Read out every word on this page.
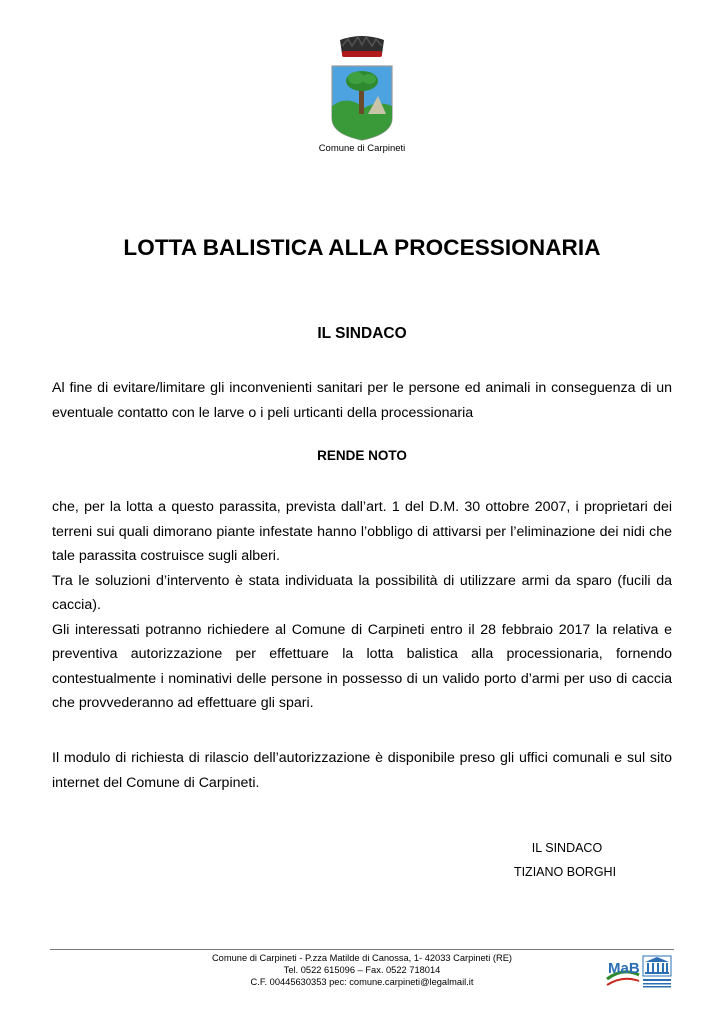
Comune di Carpineti
LOTTA BALISTICA ALLA PROCESSIONARIA
IL SINDACO
Al fine di evitare/limitare gli inconvenienti sanitari per le persone ed animali in conseguenza di un eventuale contatto con le larve o i peli urticanti della processionaria
RENDE NOTO

che, per la lotta a questo parassita, prevista dall’art. 1 del D.M. 30 ottobre 2007, i proprietari dei terreni sui quali dimorano piante infestate hanno l’obbligo di attivarsi per l’eliminazione dei nidi che tale parassita costruisce sugli alberi.

Tra le soluzioni d’intervento è stata individuata la possibilità di utilizzare armi da sparo (fucili da caccia).

Gli interessati potranno richiedere al Comune di Carpineti entro il 28 febbraio 2017 la relativa e preventiva autorizzazione per effettuare la lotta balistica alla processionaria, fornendo contestualmente i nominativi delle persone in possesso di un valido porto d’armi per uso di caccia che provvederanno ad effettuare gli spari.

Il modulo di richiesta di rilascio dell’autorizzazione è disponibile preso gli uffici comunali e sul sito internet del Comune di Carpineti.

IL SINDACO
TIZIANO BORGHI
Comune di Carpineti - P.zza Matilde di Canossa, 1- 42033 Carpineti (RE)
Tel. 0522 615096 – Fax. 0522 718014
C.F. 00445630353 pec: comune.carpineti@legalmail.it
MaB
